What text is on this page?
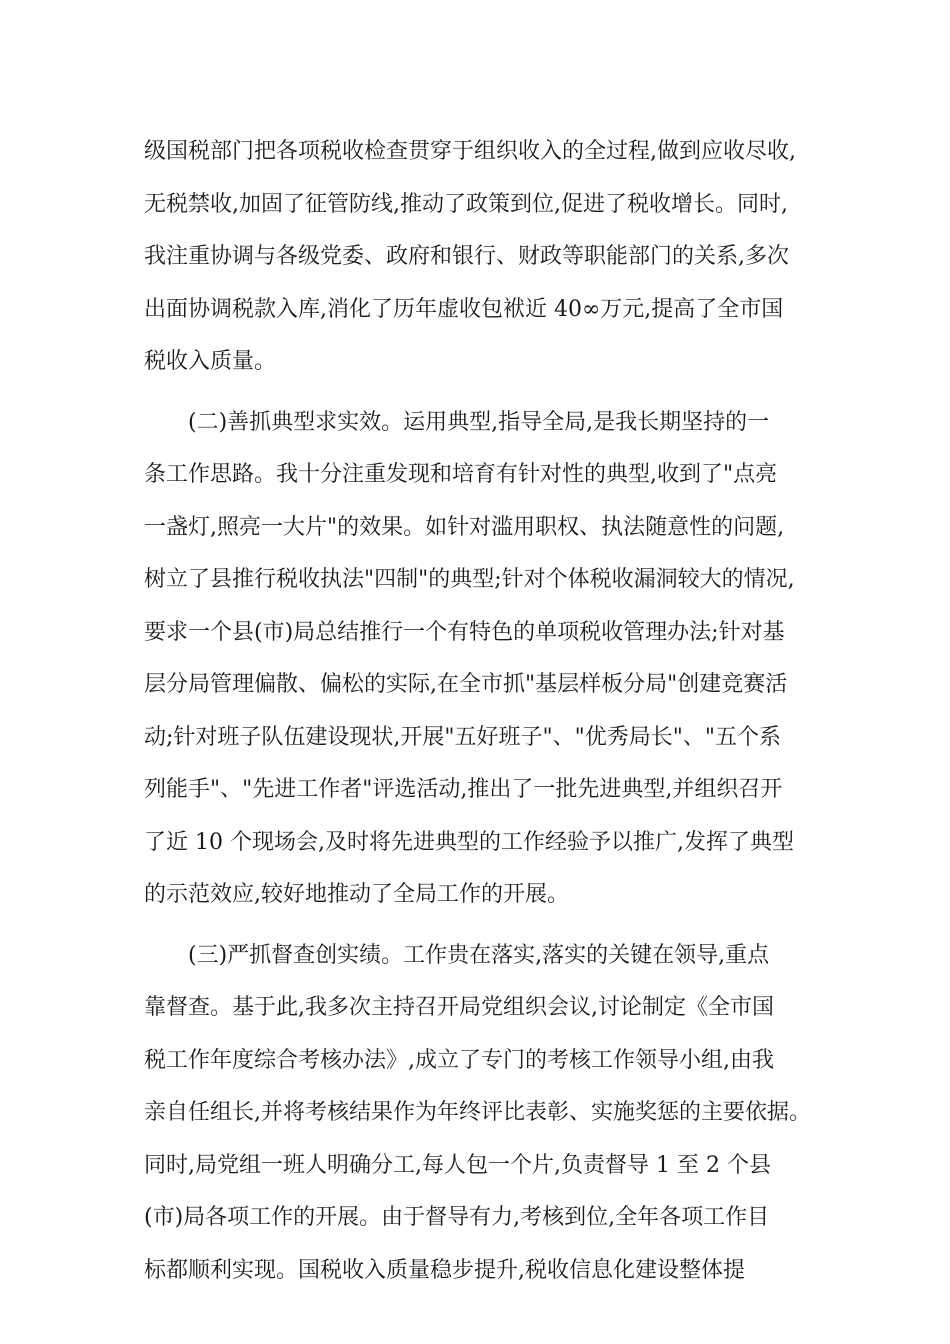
级国税部门把各项税收检查贯穿于组织收入的全过程,做到应收尽收,
无税禁收,加固了征管防线,推动了政策到位,促进了税收增长。同时,
我注重协调与各级党委、政府和银行、财政等职能部门的关系,多次
出面协调税款入库,消化了历年虚收包袱近 40∞万元,提高了全市国
税收入质量。
　　(二)善抓典型求实效。运用典型,指导全局,是我长期坚持的一
条工作思路。我十分注重发现和培育有针对性的典型,收到了"点亮
一盏灯,照亮一大片"的效果。如针对滥用职权、执法随意性的问题,
树立了县推行税收执法"四制"的典型;针对个体税收漏洞较大的情况,
要求一个县(市)局总结推行一个有特色的单项税收管理办法;针对基
层分局管理偏散、偏松的实际,在全市抓"基层样板分局"创建竞赛活
动;针对班子队伍建设现状,开展"五好班子"、"优秀局长"、"五个系
列能手"、"先进工作者"评选活动,推出了一批先进典型,并组织召开
了近 10 个现场会,及时将先进典型的工作经验予以推广,发挥了典型
的示范效应,较好地推动了全局工作的开展。
　　(三)严抓督查创实绩。工作贵在落实,落实的关键在领导,重点
靠督查。基于此,我多次主持召开局党组织会议,讨论制定《全市国
税工作年度综合考核办法》,成立了专门的考核工作领导小组,由我
亲自任组长,并将考核结果作为年终评比表彰、实施奖惩的主要依据。
同时,局党组一班人明确分工,每人包一个片,负责督导 1 至 2 个县
(市)局各项工作的开展。由于督导有力,考核到位,全年各项工作目
标都顺利实现。国税收入质量稳步提升,税收信息化建设整体提
